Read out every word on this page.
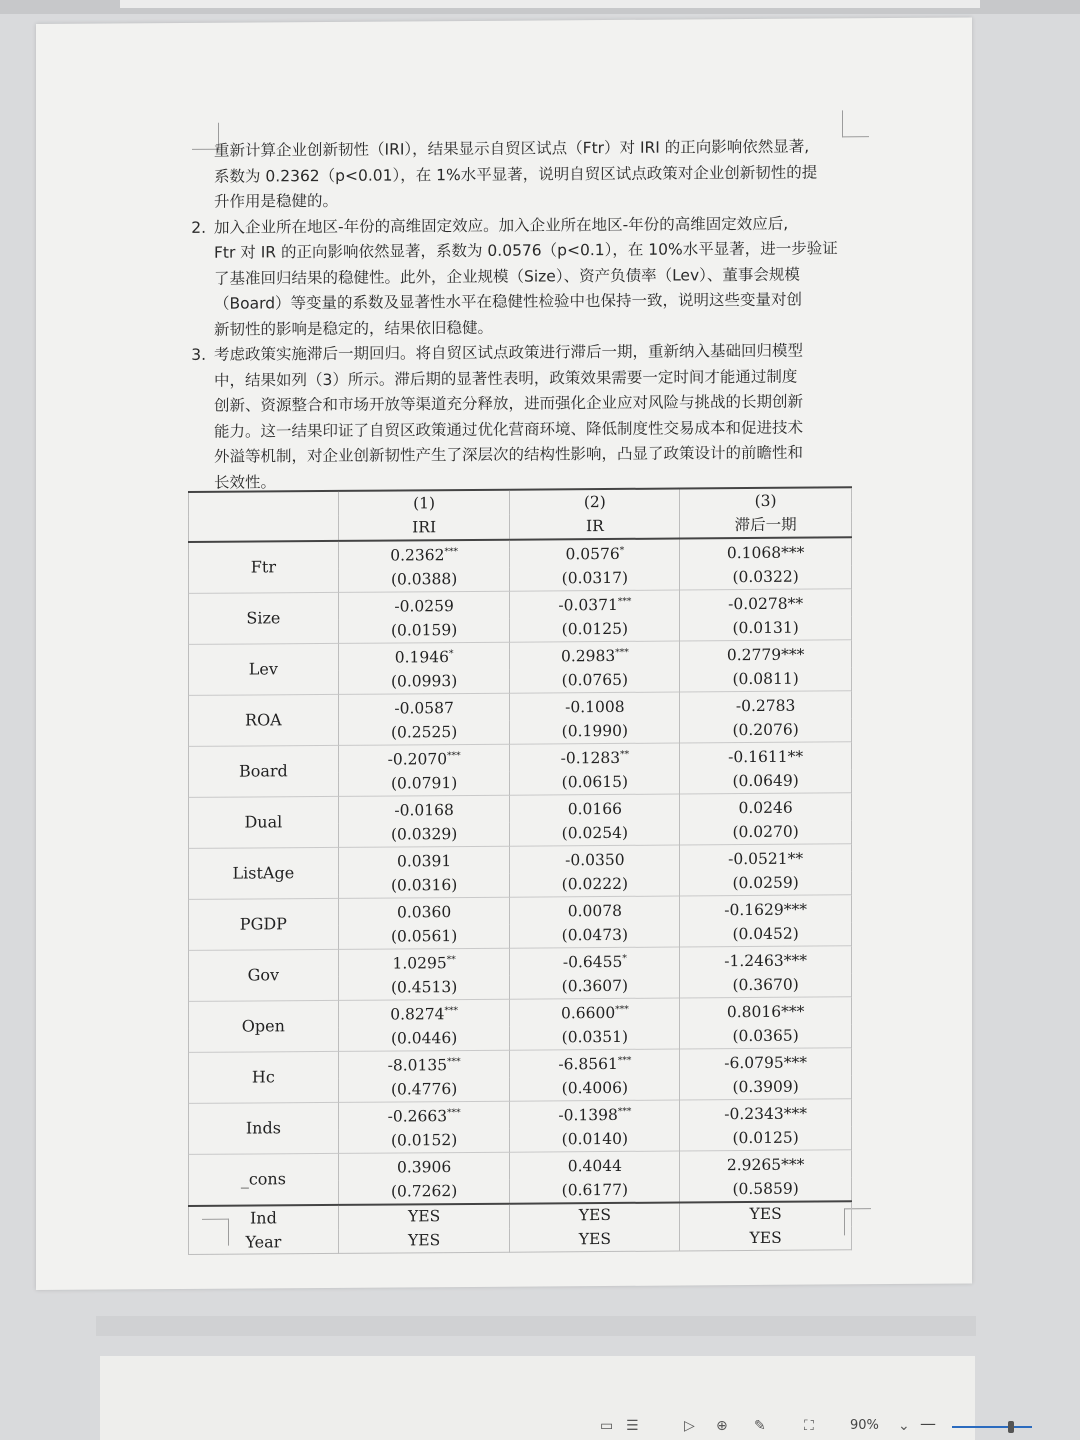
重新计算企业创新韧性（IRI），结果显示自贸区试点（Ftr）对 IRI 的正向影响依然显著,
系数为 0.2362（p<0.01），在 1%水平显著，说明自贸区试点政策对企业创新韧性的提
升作用是稳健的。
2. 加入企业所在地区-年份的高维固定效应。加入企业所在地区-年份的高维固定效应后,
Ftr 对 IR 的正向影响依然显著，系数为 0.0576（p<0.1），在 10%水平显著，进一步验证
了基准回归结果的稳健性。此外，企业规模（Size）、资产负债率（Lev）、董事会规模
（Board）等变量的系数及显著性水平在稳健性检验中也保持一致，说明这些变量对创
新韧性的影响是稳定的，结果依旧稳健。
3. 考虑政策实施滞后一期回归。将自贸区试点政策进行滞后一期，重新纳入基础回归模型
中，结果如列（3）所示。滞后期的显著性表明，政策效果需要一定时间才能通过制度
创新、资源整合和市场开放等渠道充分释放，进而强化企业应对风险与挑战的长期创新
能力。这一结果印证了自贸区政策通过优化营商环境、降低制度性交易成本和促进技术
外溢等机制，对企业创新韧性产生了深层次的结构性影响，凸显了政策设计的前瞻性和
长效性。
	(1)	(2)	(3)
	IRI	IR	滞后一期
Ftr	0.2362***	0.0576*	0.1068***
	(0.0388)	(0.0317)	(0.0322)
Size	-0.0259	-0.0371***	-0.0278**
	(0.0159)	(0.0125)	(0.0131)
Lev	0.1946*	0.2983***	0.2779***
	(0.0993)	(0.0765)	(0.0811)
ROA	-0.0587	-0.1008	-0.2783
	(0.2525)	(0.1990)	(0.2076)
Board	-0.2070***	-0.1283**	-0.1611**
	(0.0791)	(0.0615)	(0.0649)
Dual	-0.0168	0.0166	0.0246
	(0.0329)	(0.0254)	(0.0270)
ListAge	0.0391	-0.0350	-0.0521**
	(0.0316)	(0.0222)	(0.0259)
PGDP	0.0360	0.0078	-0.1629***
	(0.0561)	(0.0473)	(0.0452)
Gov	1.0295**	-0.6455*	-1.2463***
	(0.4513)	(0.3607)	(0.3670)
Open	0.8274***	0.6600***	0.8016***
	(0.0446)	(0.0351)	(0.0365)
Hc	-8.0135***	-6.8561***	-6.0795***
	(0.4776)	(0.4006)	(0.3909)
Inds	-0.2663***	-0.1398***	-0.2343***
	(0.0152)	(0.0140)	(0.0125)
_cons	0.3906	0.4044	2.9265***
	(0.7262)	(0.6177)	(0.5859)
Ind	YES	YES	YES
Year	YES	YES	YES
▭ ☰	▷ ⊕ ✎	⛶	90% ⌄ —
